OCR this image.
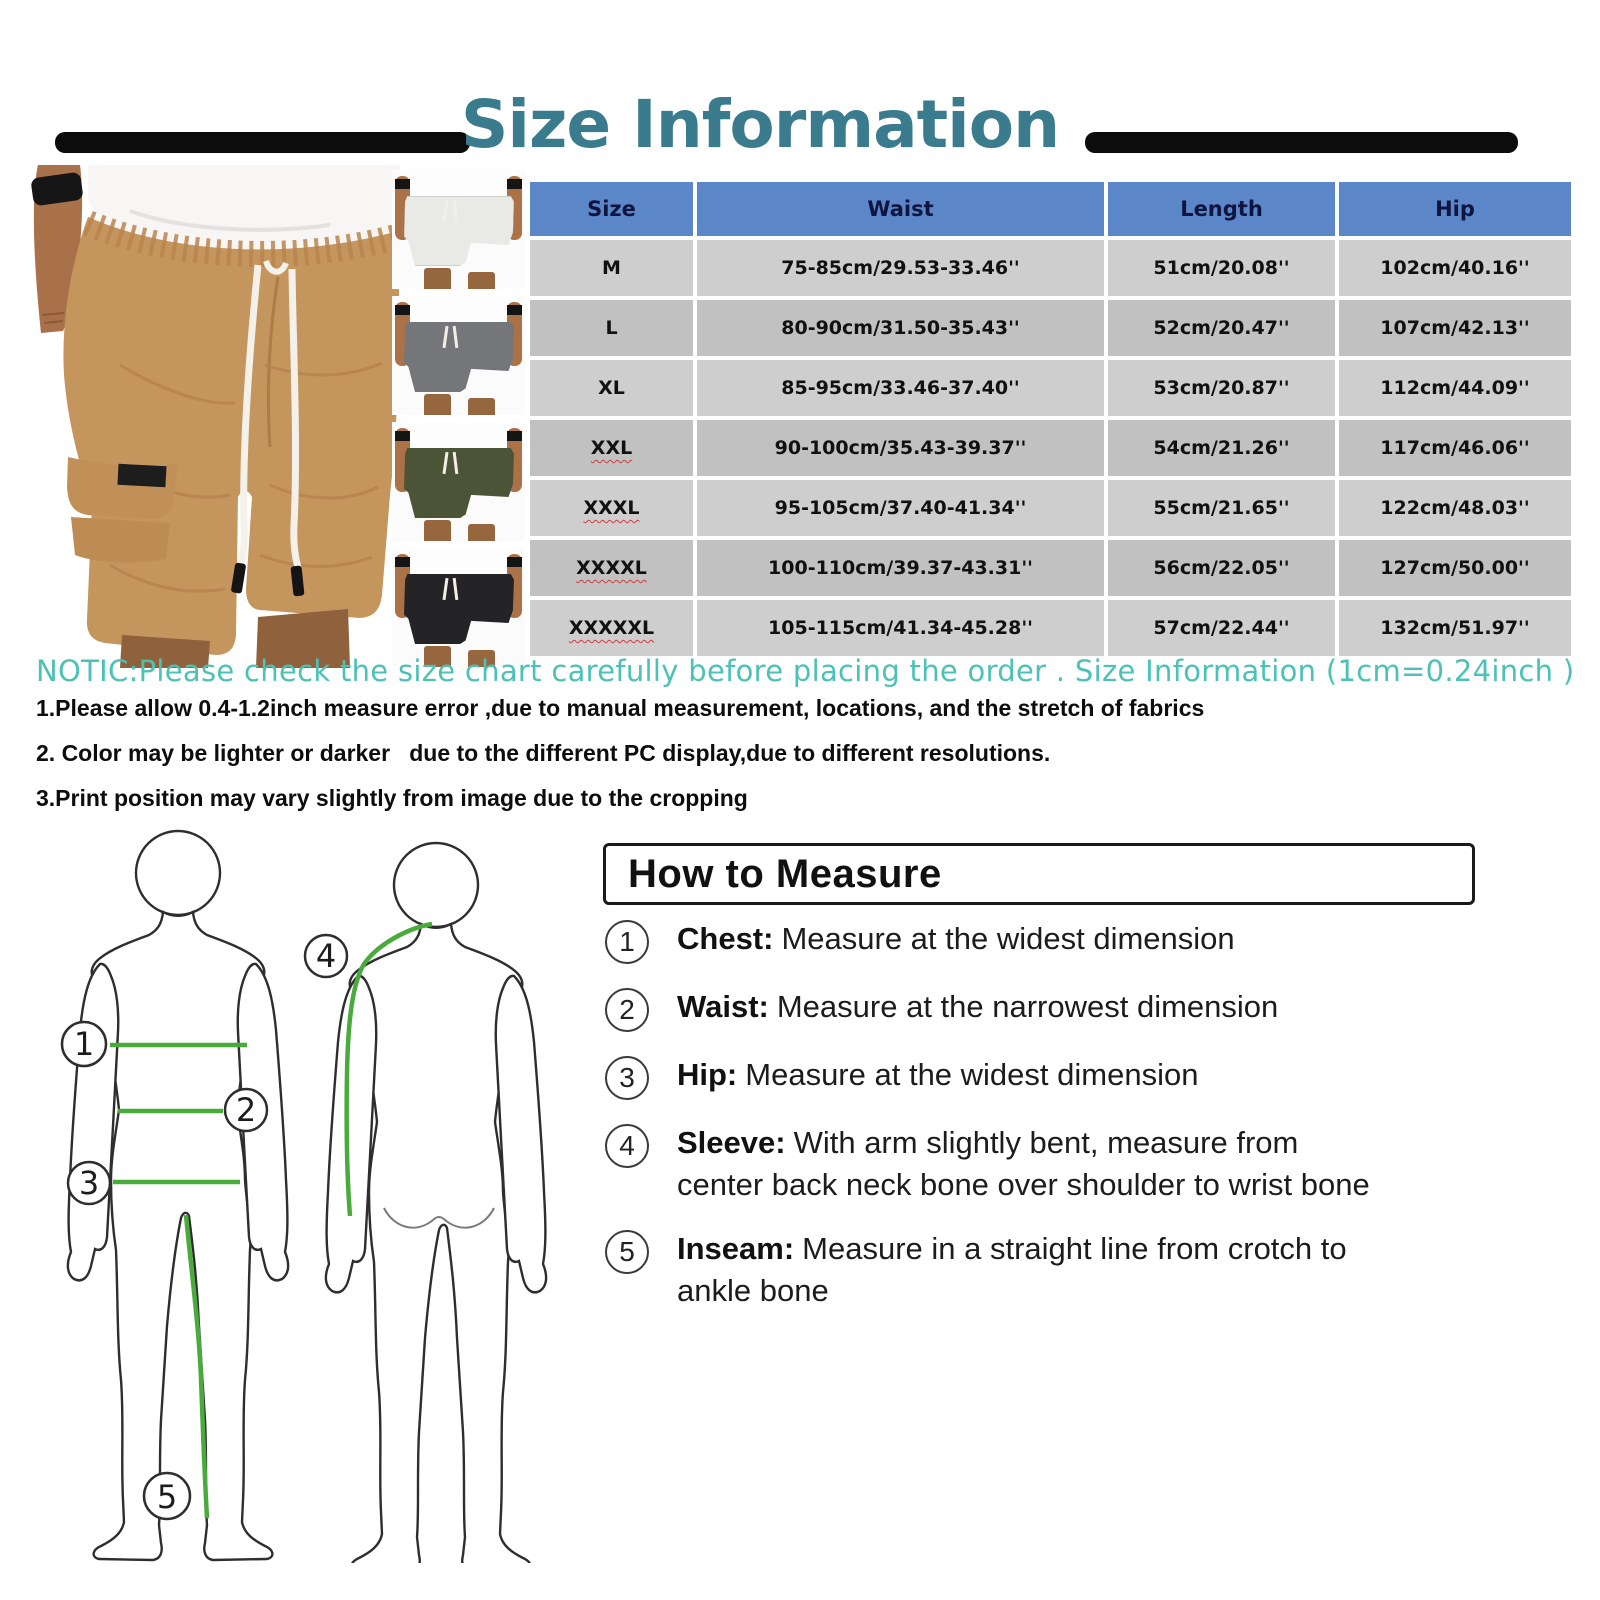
Size Information
Size	Waist	Length	Hip
M	75-85cm/29.53-33.46''	51cm/20.08''	102cm/40.16''
L	80-90cm/31.50-35.43''	52cm/20.47''	107cm/42.13''
XL	85-95cm/33.46-37.40''	53cm/20.87''	112cm/44.09''
XXL	90-100cm/35.43-39.37''	54cm/21.26''	117cm/46.06''
XXXL	95-105cm/37.40-41.34''	55cm/21.65''	122cm/48.03''
XXXXL	100-110cm/39.37-43.31''	56cm/22.05''	127cm/50.00''
XXXXXL	105-115cm/41.34-45.28''	57cm/22.44''	132cm/51.97''
NOTIC:Please check the size chart carefully before placing the order . Size Information (1cm=0.24inch )
1.Please allow 0.4-1.2inch measure error ,due to manual measurement, locations, and the stretch of fabrics
2. Color may be lighter or darker   due to the different PC display,due to different resolutions.
3.Print position may vary slightly from image due to the cropping
1
2
3
4
5
How to Measure
1	Chest: Measure at the widest dimension
2	Waist: Measure at the narrowest dimension
3	Hip: Measure at the widest dimension
4	Sleeve: With arm slightly bent, measure from
center back neck bone over shoulder to wrist bone
5	Inseam: Measure in a straight line from crotch to
ankle bone
